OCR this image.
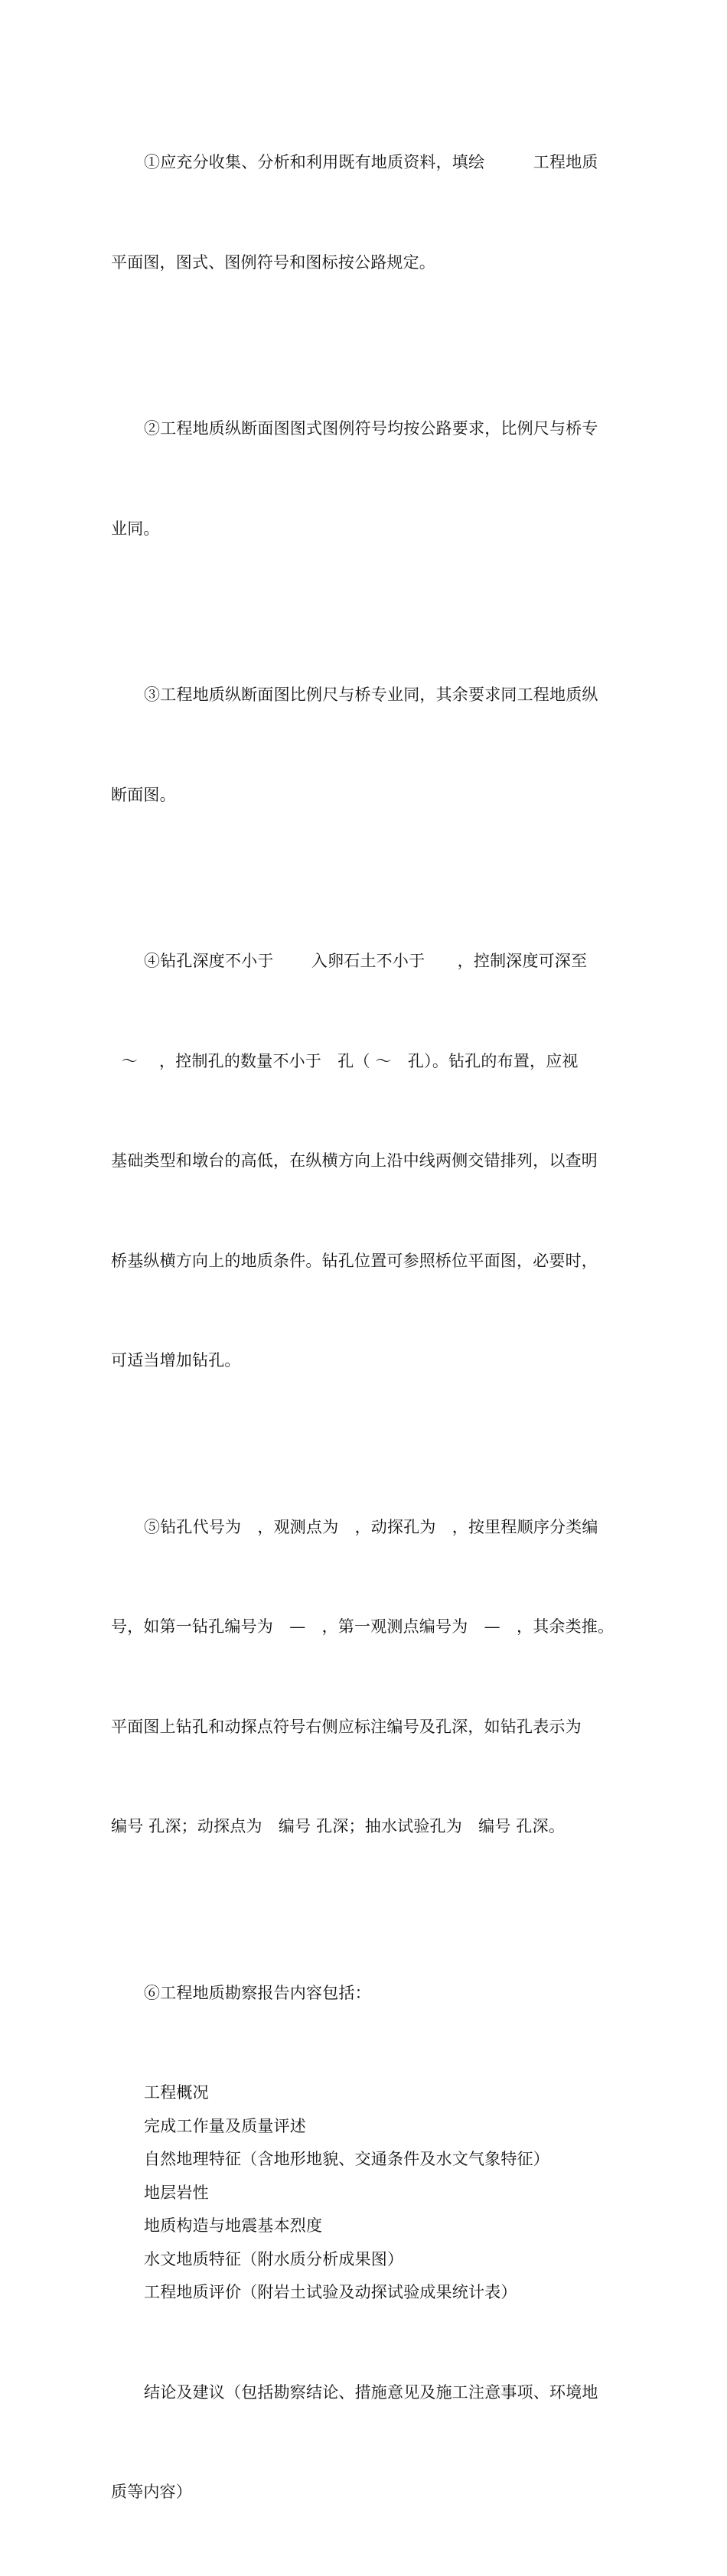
①应充分收集、分析和利用既有地质资料，填绘　　　工程地质

平面图，图式、图例符号和图标按公路规定。

②工程地质纵断面图图式图例符号均按公路要求，比例尺与桥专

业同。

③工程地质纵断面图比例尺与桥专业同，其余要求同工程地质纵

断面图。

④钻孔深度不小于　　 入卵石土不小于　　，控制深度可深至

～　 ，控制孔的数量不小于　孔（ ～　孔）。钻孔的布置，应视

基础类型和墩台的高低，在纵横方向上沿中线两侧交错排列，以查明

桥基纵横方向上的地质条件。钻孔位置可参照桥位平面图，必要时，

可适当增加钻孔。

⑤钻孔代号为　，观测点为　，动探孔为　，按里程顺序分类编

号，如第一钻孔编号为　—　，第一观测点编号为　—　，其余类推。

平面图上钻孔和动探点符号右侧应标注编号及孔深，如钻孔表示为

编号 孔深；动探点为　编号 孔深；抽水试验孔为　编号 孔深。

⑥工程地质勘察报告内容包括：

工程概况

完成工作量及质量评述

自然地理特征（含地形地貌、交通条件及水文气象特征）

地层岩性

地质构造与地震基本烈度

水文地质特征（附水质分析成果图）

工程地质评价（附岩土试验及动探试验成果统计表）

结论及建议（包括勘察结论、措施意见及施工注意事项、环境地

质等内容）
